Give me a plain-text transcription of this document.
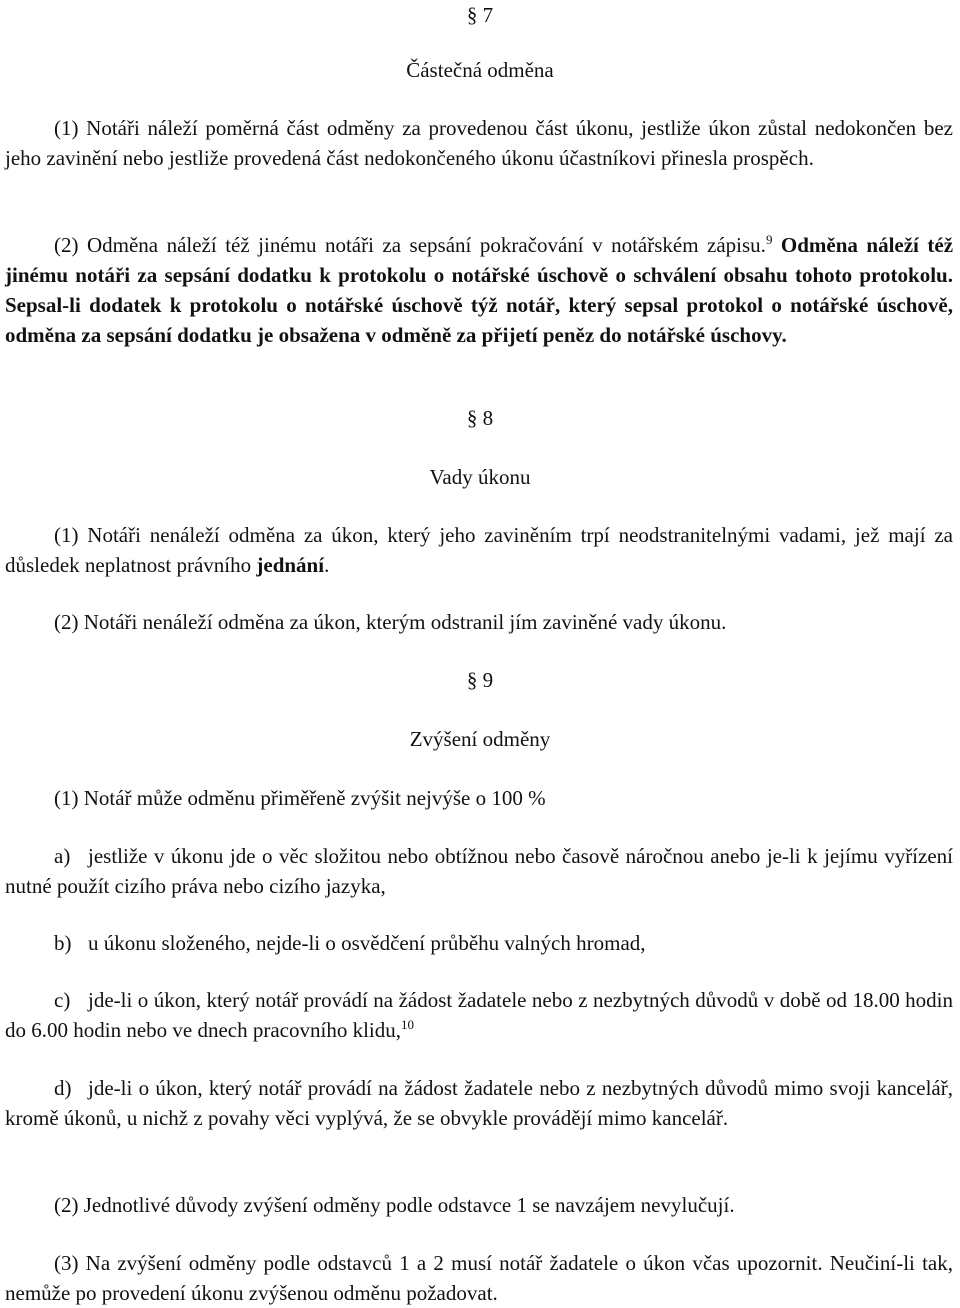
§ 7
Částečná odměna

(1) Notáři náleží poměrná část odměny za provedenou část úkonu, jestliže úkon zůstal nedokončen bez jeho zavinění nebo jestliže provedená část nedokončeného úkonu účastníkovi přinesla prospěch.

(2) Odměna náleží též jinému notáři za sepsání pokračování v notářském zápisu.$^9$ Odměna náleží též jinému notáři za sepsání dodatku k protokolu o notářské úschově o schválení obsahu tohoto protokolu. Sepsal-li dodatek k protokolu o notářské úschově týž notář, který sepsal protokol o notářské úschově, odměna za sepsání dodatku je obsažena v odměně za přijetí peněz do notářské úschovy.

§ 8
Vady úkonu

(1) Notáři nenáleží odměna za úkon, který jeho zaviněním trpí neodstranitelnými vadami, jež mají za důsledek neplatnost právního jednání.

(2) Notáři nenáleží odměna za úkon, kterým odstranil jím zaviněné vady úkonu.

§ 9
Zvýšení odměny

(1) Notář může odměnu přiměřeně zvýšit nejvýše o 100 %

a) jestliže v úkonu jde o věc složitou nebo obtížnou nebo časově náročnou anebo je-li k jejímu vyřízení nutné použít cizího práva nebo cizího jazyka,

b) u úkonu složeného, nejde-li o osvědčení průběhu valných hromad,

c) jde-li o úkon, který notář provádí na žádost žadatele nebo z nezbytných důvodů v době od 18.00 hodin do 6.00 hodin nebo ve dnech pracovního klidu,$^{10}$

d) jde-li o úkon, který notář provádí na žádost žadatele nebo z nezbytných důvodů mimo svoji kancelář, kromě úkonů, u nichž z povahy věci vyplývá, že se obvykle provádějí mimo kancelář.

(2) Jednotlivé důvody zvýšení odměny podle odstavce 1 se navzájem nevylučují.

(3) Na zvýšení odměny podle odstavců 1 a 2 musí notář žadatele o úkon včas upozornit. Neučiní-li tak, nemůže po provedení úkonu zvýšenou odměnu požadovat.
